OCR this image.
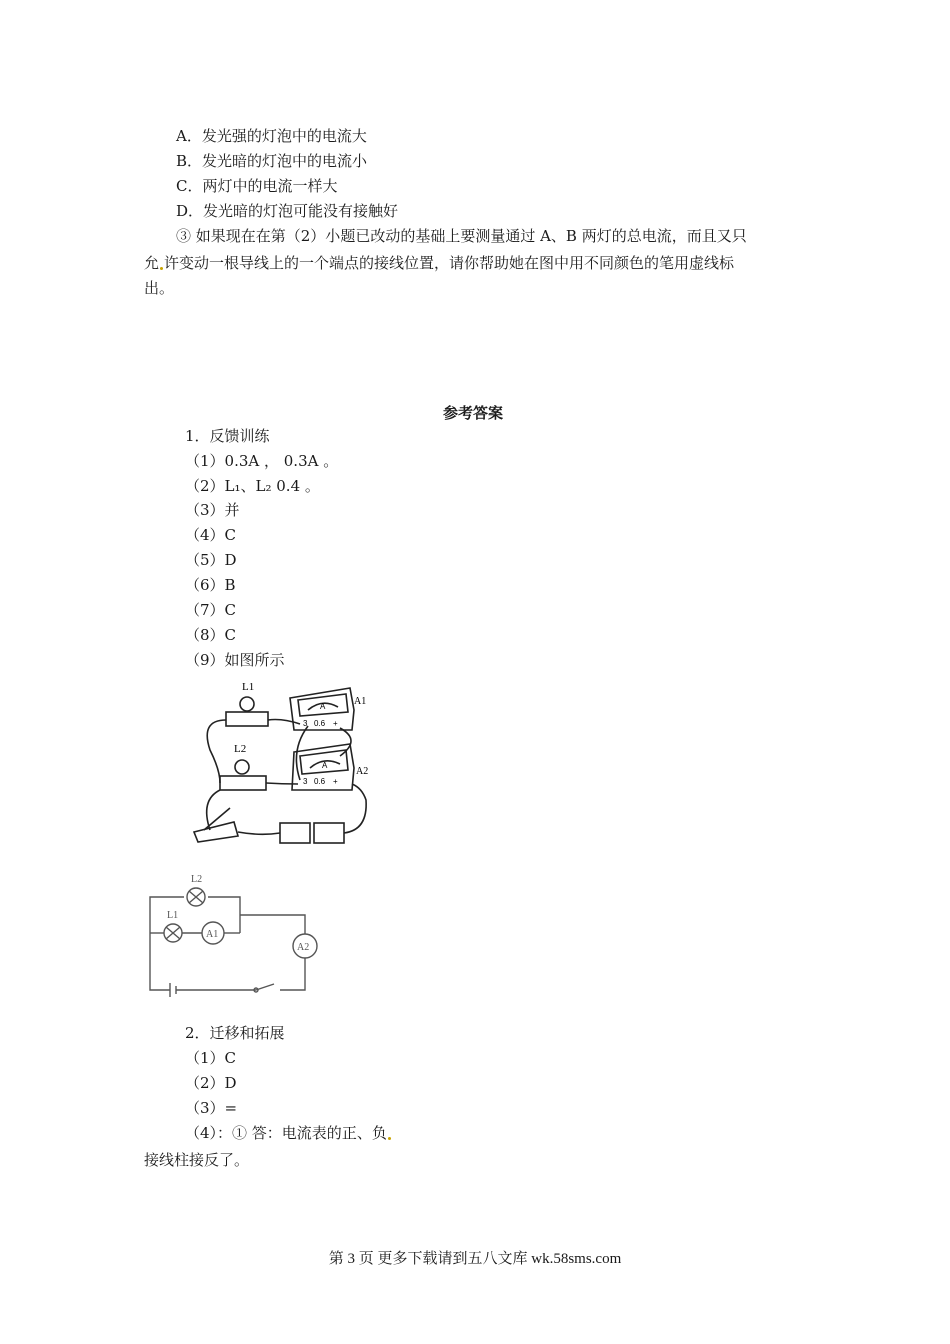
A．发光强的灯泡中的电流大
B．发光暗的灯泡中的电流小
C．两灯中的电流一样大
D．发光暗的灯泡可能没有接触好
③ 如果现在在第（2）小题已改动的基础上要测量通过 A、B 两灯的总电流，而且又只
允 许变动一根导线上的一个端点的接线位置，请你帮助她在图中用不同颜色的笔用虚线标
出。
参考答案
1．反馈训练
（1）0.3A ， 0.3A 。
（2）L₁、L₂ 0.4 。
（3）并
（4）C
（5）D
（6）B
（7）C
（8）C
（9）如图所示
L1
L2
A1
A2
A
A
3 0.6 +
3 0.6 +
L2
L1
A1
A2
2．迁移和拓展
（1）C
（2）D
（3）=
（4）：① 答：电流表的正、负
接线柱接反了。
第 3 页 更多下载请到五八文库 wk.58sms.com
